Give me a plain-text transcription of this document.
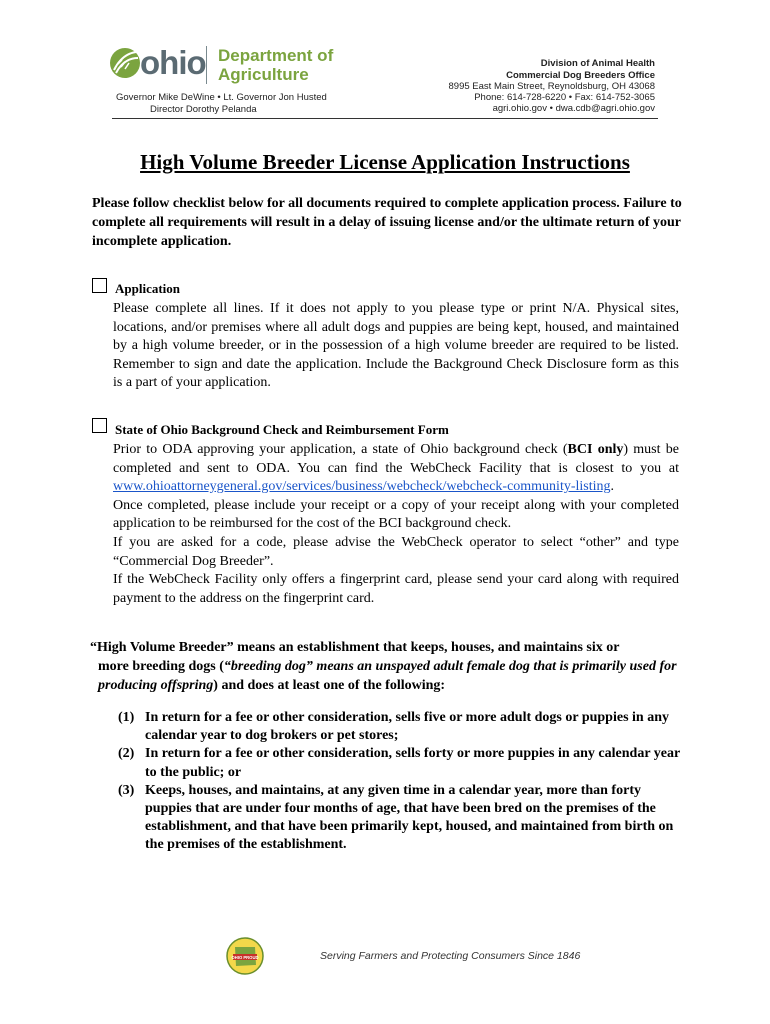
ohio Department of
Agriculture
Governor Mike DeWine • Lt. Governor Jon Husted
Director Dorothy Pelanda
Division of Animal Health
Commercial Dog Breeders Office
8995 East Main Street, Reynoldsburg, OH 43068
Phone: 614-728-6220 • Fax: 614-752-3065
agri.ohio.gov • dwa.cdb@agri.ohio.gov
High Volume Breeder License Application Instructions
Please follow checklist below for all documents required to complete application process. Failure to complete all requirements will result in a delay of issuing license and/or the ultimate return of your incomplete application.
Application

Please complete all lines. If it does not apply to you please type or print N/A. Physical sites, locations, and/or premises where all adult dogs and puppies are being kept, housed, and maintained by a high volume breeder, or in the possession of a high volume breeder are required to be listed. Remember to sign and date the application. Include the Background Check Disclosure form as this is a part of your application.

State of Ohio Background Check and Reimbursement Form

Prior to ODA approving your application, a state of Ohio background check (BCI only) must be completed and sent to ODA. You can find the WebCheck Facility that is closest to you at www.ohioattorneygeneral.gov/services/business/webcheck/webcheck-community-listing.

Once completed, please include your receipt or a copy of your receipt along with your completed application to be reimbursed for the cost of the BCI background check.

If you are asked for a code, please advise the WebCheck operator to select “other” and type “Commercial Dog Breeder”.

If the WebCheck Facility only offers a fingerprint card, please send your card along with required payment to the address on the fingerprint card.

“High Volume Breeder” means an establishment that keeps, houses, and maintains six or
more breeding dogs (“breeding dog” means an unspayed adult female dog that is primarily used for producing offspring) and does at least one of the following:
(1) In return for a fee or other consideration, sells five or more adult dogs or puppies in any calendar year to dog brokers or pet stores;
(2) In return for a fee or other consideration, sells forty or more puppies in any calendar year to the public; or
(3) Keeps, houses, and maintains, at any given time in a calendar year, more than forty puppies that are under four months of age, that have been bred on the premises of the establishment, and that have been primarily kept, housed, and maintained from birth on the premises of the establishment.
OHIO PROUD	Serving Farmers and Protecting Consumers Since 1846
